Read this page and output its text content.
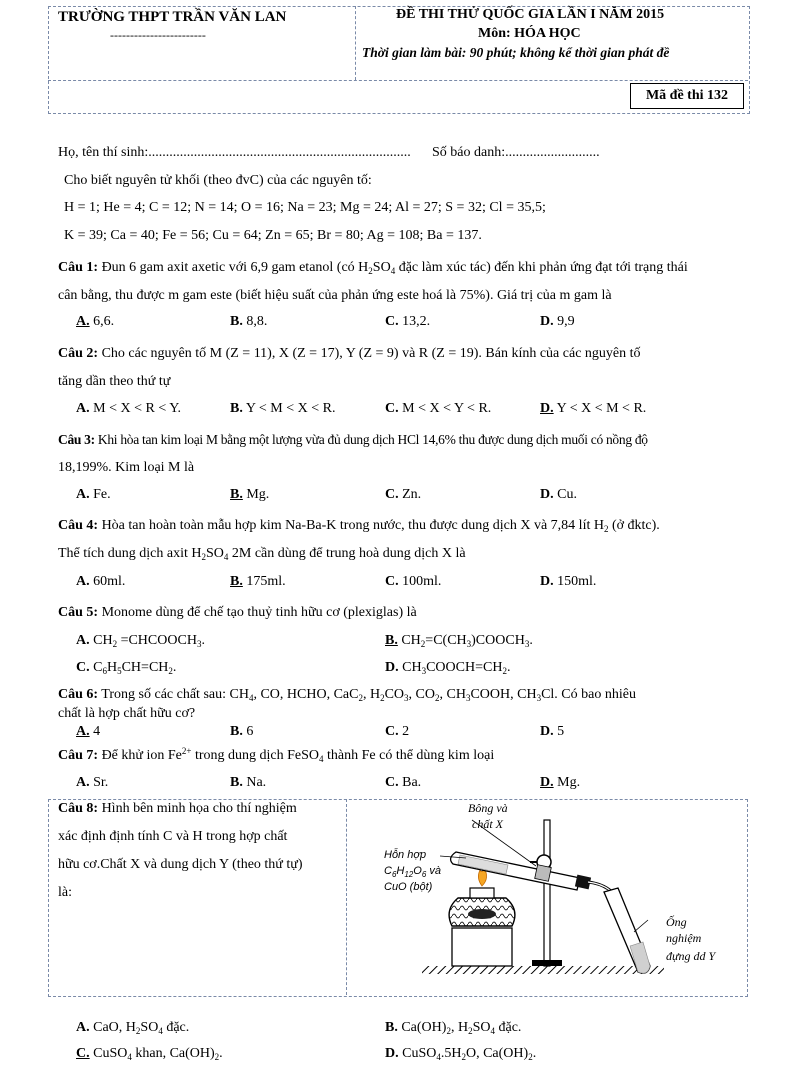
TRƯỜNG THPT TRẦN VĂN LAN
------------------------
ĐỀ THI THỬ QUỐC GIA LẦN I NĂM 2015
Môn: HÓA HỌC
Thời gian làm bài: 90 phút; không kể thời gian phát đề
Mã đề thi 132
Họ, tên thí sinh:........................................................................... Số báo danh:...........................
Cho biết nguyên tử khối (theo đvC) của các nguyên tố:
H = 1; He = 4; C = 12; N = 14; O = 16; Na = 23; Mg = 24; Al = 27; S = 32; Cl = 35,5;
K = 39; Ca = 40; Fe = 56; Cu = 64; Zn = 65; Br = 80; Ag = 108; Ba = 137.
Câu 1: Đun 6 gam axit axetic với 6,9 gam etanol (có $H_2SO_4$ đặc làm xúc tác) đến khi phản ứng đạt tới trạng thái
cân bằng, thu được m gam este (biết hiệu suất của phản ứng este hoá là 75%). Giá trị của m gam là
A. 6,6.	B. 8,8.	C. 13,2.	D. 9,9
Câu 2: Cho các nguyên tố M (Z = 11), X (Z = 17), Y (Z = 9) và R (Z = 19). Bán kính của các nguyên tố
tăng dần theo thứ tự
A. M < X < R < Y.	B. Y < M < X < R.	C. M < X < Y < R.	D. Y < X < M < R.
Câu 3: Khi hòa tan kim loại M bằng một lượng vừa đủ dung dịch HCl 14,6% thu được dung dịch muối có nồng độ
18,199%. Kim loại M là
A. Fe.	B. Mg.	C. Zn.	D. Cu.
Câu 4: Hòa tan hoàn toàn mẫu hợp kim Na-Ba-K trong nước, thu được dung dịch X và 7,84 lít $H_2$ (ở đktc).
Thể tích dung dịch axit $H_2SO_4$ 2M cần dùng để trung hoà dung dịch X là
A. 60ml.	B. 175ml.	C. 100ml.	D. 150ml.
Câu 5: Monome dùng để chế tạo thuỷ tinh hữu cơ (plexiglas) là
A. $CH_2$ $=CHCOOCH_3$.	B. $CH_2=C(CH_3)COOCH_3$.
C. $C_6H_5CH=CH_2$.	D. $CH_3COOCH=CH_2$.
Câu 6: Trong số các chất sau: $CH_4$, CO, HCHO, CaC$_2$, $H_2CO_3$, $CO_2$, $CH_3COOH$, $CH_3Cl$. Có bao nhiêu
chất là hợp chất hữu cơ?
A. 4	B. 6	C. 2	D. 5
Câu 7: Để khử ion $Fe^{2+}$ trong dung dịch FeSO$_4$ thành Fe có thể dùng kim loại
A. Sr.	B. Na.	C. Ba.	D. Mg.
Câu 8: Hình bên minh họa cho thí nghiệm
xác định định tính C và H trong hợp chất
hữu cơ.Chất X và dung dịch Y (theo thứ tự)
là:
Bông và
chất X
Hỗn hợp
$C_6H_{12}O_6$ và
CuO (bột)
Ống
nghiệm
đựng dd Y
A. CaO, $H_2SO_4$ đặc.	B. $Ca(OH)_2$, $H_2SO_4$ đặc.
C. CuSO$_4$ khan, $Ca(OH)_2$.	D. $CuSO_4.5H_2O$, $Ca(OH)_2$.
